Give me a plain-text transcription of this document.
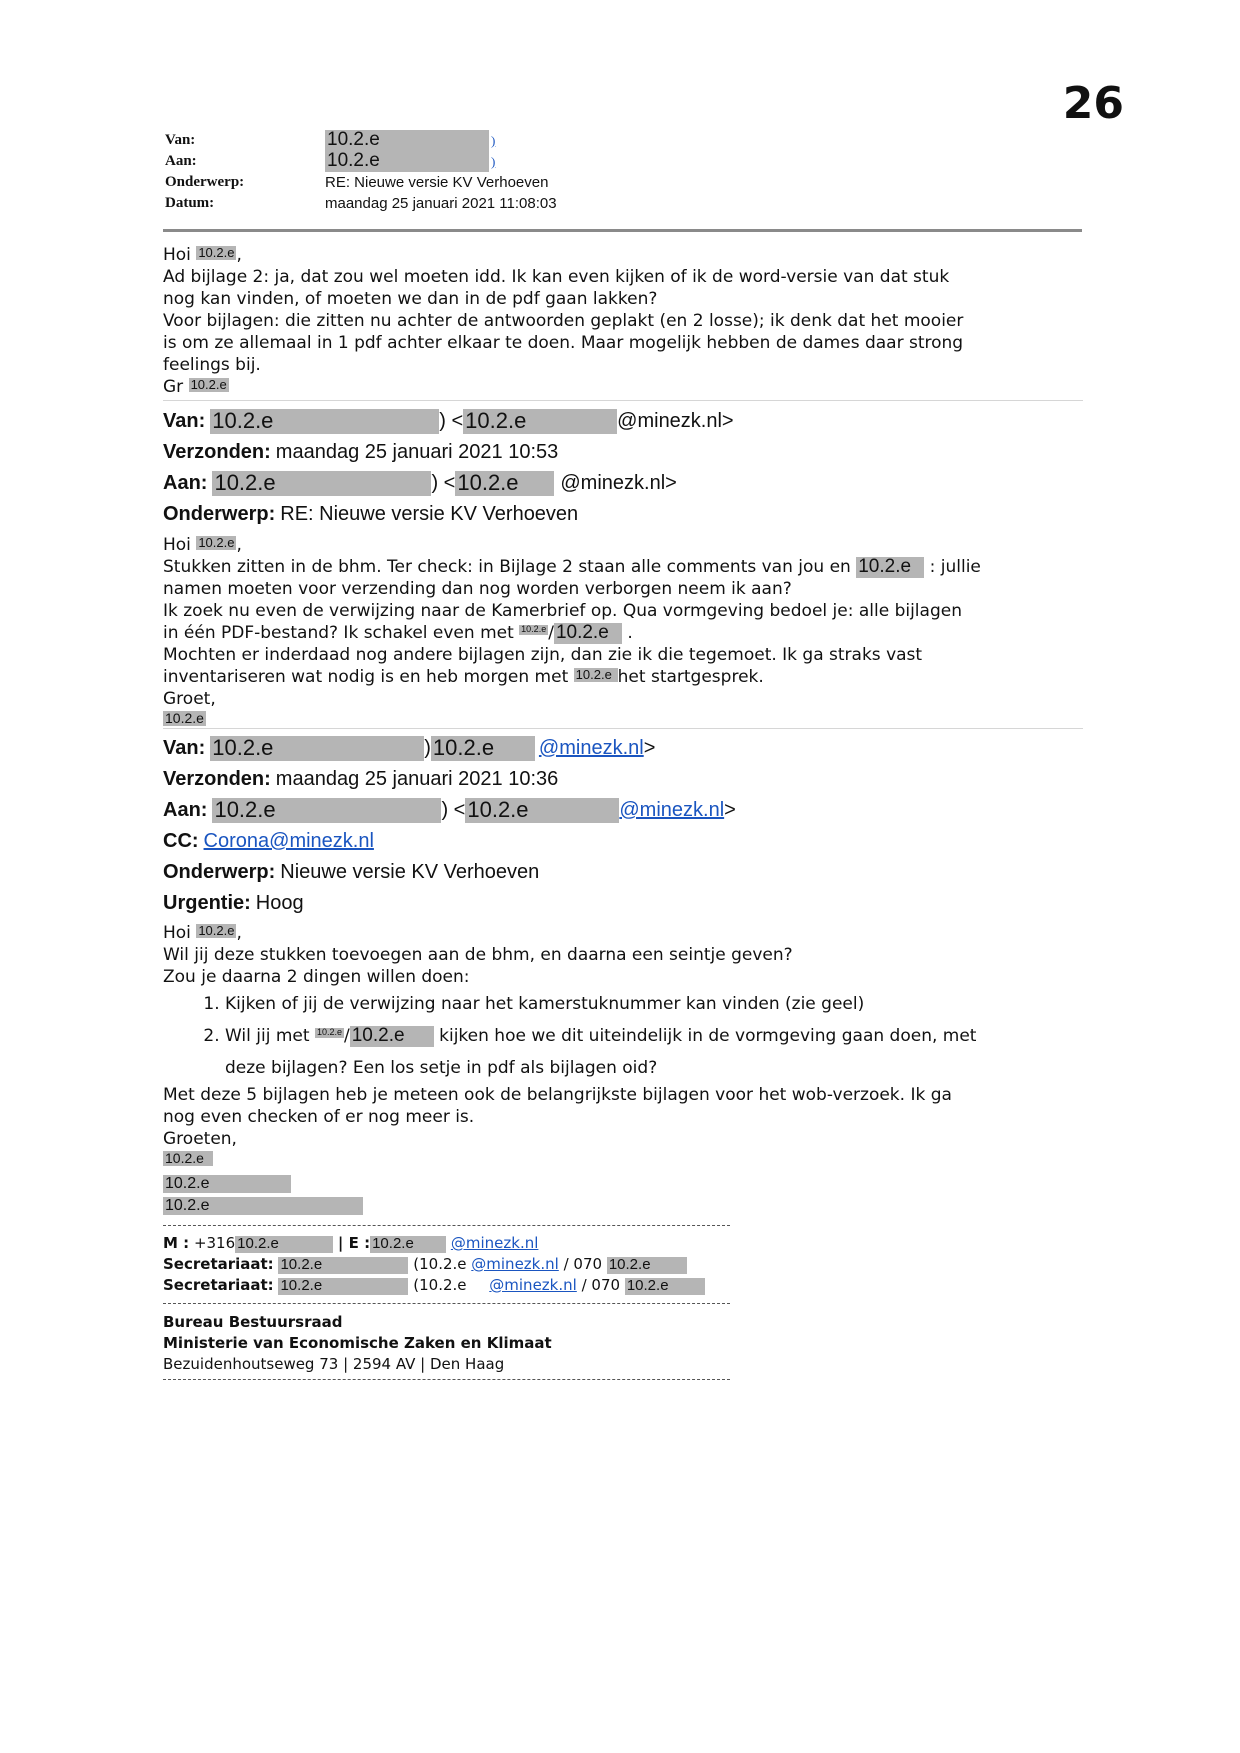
26
Van:	10.2.e	)
Aan:	10.2.e	)
Onderwerp:	RE: Nieuwe versie KV Verhoeven
Datum:	maandag 25 januari 2021 11:08:03
Hoi 10.2.e ,
Ad bijlage 2: ja, dat zou wel moeten idd. Ik kan even kijken of ik de word-versie van dat stuk
nog kan vinden, of moeten we dan in de pdf gaan lakken?
Voor bijlagen: die zitten nu achter de antwoorden geplakt (en 2 losse); ik denk dat het mooier
is om ze allemaal in 1 pdf achter elkaar te doen. Maar mogelijk hebben de dames daar strong
feelings bij.
Gr 10.2.e
Van: 10.2.e	) < 10.2.e	@minezk.nl>
Verzonden: maandag 25 januari 2021 10:53
Aan: 10.2.e	) < 10.2.e	@minezk.nl>
Onderwerp: RE: Nieuwe versie KV Verhoeven
Hoi 10.2.e ,
Stukken zitten in de bhm. Ter check: in Bijlage 2 staan alle comments van jou en 10.2.e : jullie
namen moeten voor verzending dan nog worden verborgen neem ik aan?
Ik zoek nu even de verwijzing naar de Kamerbrief op. Qua vormgeving bedoel je: alle bijlagen
in één PDF-bestand? Ik schakel even met 10.2.e / 10.2.e .
Mochten er inderdaad nog andere bijlagen zijn, dan zie ik die tegemoet. Ik ga straks vast
inventariseren wat nodig is en heb morgen met 10.2.e het startgesprek.
Groet,
10.2.e
Van: 10.2.e	) 10.2.e	@minezk.nl >
Verzonden: maandag 25 januari 2021 10:36
Aan: 10.2.e	) < 10.2.e	@minezk.nl >
CC: Corona@minezk.nl
Onderwerp: Nieuwe versie KV Verhoeven
Urgentie: Hoog
Hoi 10.2.e ,
Wil jij deze stukken toevoegen aan de bhm, en daarna een seintje geven?
Zou je daarna 2 dingen willen doen:
1. Kijken of jij de verwijzing naar het kamerstuknummer kan vinden (zie geel)
2. Wil jij met 10.2.e / 10.2.e kijken hoe we dit uiteindelijk in de vormgeving gaan doen, met
deze bijlagen? Een los setje in pdf als bijlagen oid?
Met deze 5 bijlagen heb je meteen ook de belangrijkste bijlagen voor het wob-verzoek. Ik ga
nog even checken of er nog meer is.
Groeten,
10.2.e
10.2.e
10.2.e
M : +316 10.2.e	| E : 10.2.e @minezk.nl
Secretariaat: 10.2.e	(10.2.e @minezk.nl / 070 10.2.e
Secretariaat: 10.2.e	(10.2.e @minezk.nl / 070 10.2.e
Bureau Bestuursraad
Ministerie van Economische Zaken en Klimaat
Bezuidenhoutseweg 73 | 2594 AV | Den Haag
